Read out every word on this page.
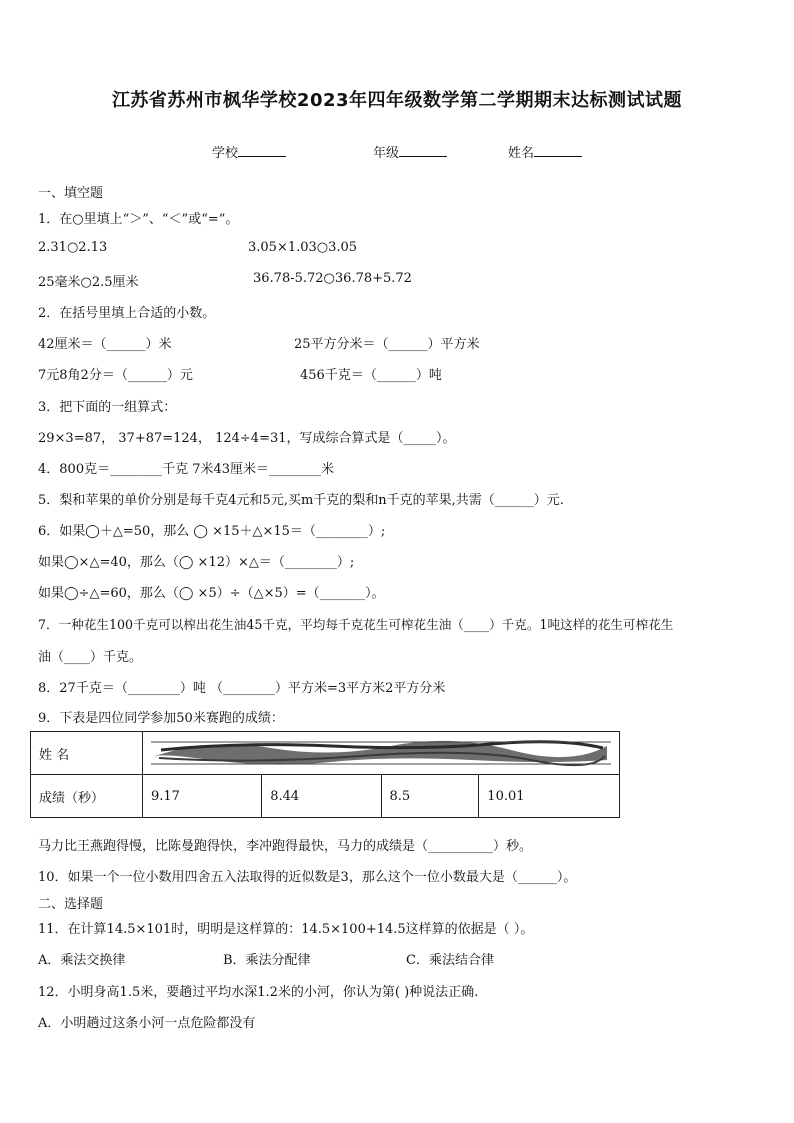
江苏省苏州市枫华学校2023年四年级数学第二学期期末达标测试试题
学校	年级	姓名
一、填空题
1．在○里填上“＞”、“＜”或“=”。
2.31○2.13	3.05×1.03○3.05
25毫米○2.5厘米	36.78-5.72○36.78+5.72
2．在括号里填上合适的小数。
42厘米＝（______）米	25平方分米＝（______）平方米
7元8角2分＝（______）元	456千克＝（______）吨
3．把下面的一组算式：
29×3=87， 37+87=124， 124÷4=31，写成综合算式是（_____）。
4．800克＝________千克 7米43厘米＝________米
5．梨和苹果的单价分别是每千克4元和5元,买m千克的梨和n千克的苹果,共需（______）元.
6．如果◯＋△=50，那么 ◯ ×15＋△×15＝（________）;
如果◯×△=40，那么（◯ ×12）×△＝（________）;
如果◯÷△=60，那么（◯ ×5）÷（△×5）=（_______）。
7．一种花生100千克可以榨出花生油45千克，平均每千克花生可榨花生油（____）千克。1吨这样的花生可榨花生
油（____）千克。
8．27千克＝（________）吨 （________）平方米=3平方米2平方分米
9．下表是四位同学参加50米赛跑的成绩：
姓 名	
成绩（秒）	9.17	8.44	8.5	10.01
马力比王燕跑得慢，比陈曼跑得快，李冲跑得最快，马力的成绩是（__________）秒。
10．如果一个一位小数用四舍五入法取得的近似数是3，那么这个一位小数最大是（______）。
二、选择题
11．在计算14.5×101时，明明是这样算的：14.5×100+14.5这样算的依据是（ ）。
A．乘法交换律	B．乘法分配律	C．乘法结合律
12．小明身高1.5米，要趟过平均水深1.2米的小河，你认为第( )种说法正确.
A．小明趟过这条小河一点危险都没有
